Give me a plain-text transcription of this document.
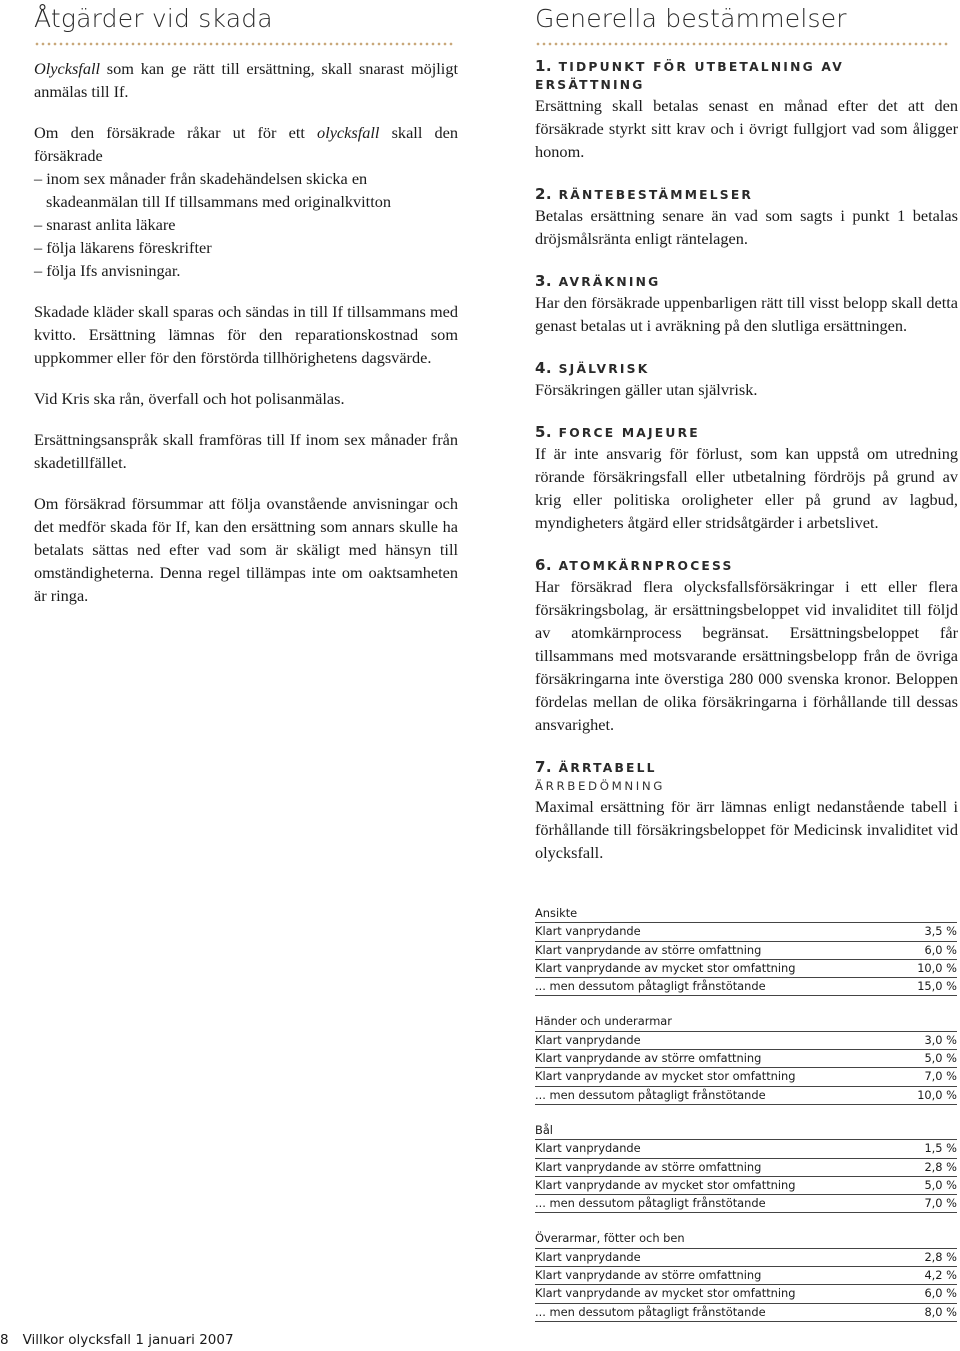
Åtgärder vid skada

Olycksfall som kan ge rätt till ersättning, skall snarast möjligt anmälas till If.

Om den försäkrade råkar ut för ett olycksfall skall den försäkrade

– inom sex månader från skadehändelsen skicka en skadeanmälan till If tillsammans med originalkvitton
– snarast anlita läkare
– följa läkarens föreskrifter
– följa Ifs anvisningar.

Skadade kläder skall sparas och sändas in till If tillsammans med kvitto. Ersättning lämnas för den reparationskostnad som uppkommer eller för den förstörda tillhörighetens dagsvärde.

Vid Kris ska rån, överfall och hot polisanmälas.

Ersättningsanspråk skall framföras till If inom sex månader från skadetillfället.

Om försäkrad försummar att följa ovanstående anvisningar och det medför skada för If, kan den ersättning som annars skulle ha betalats sättas ned efter vad som är skäligt med hänsyn till omständigheterna. Denna regel tillämpas inte om oaktsamheten är ringa.

Generella bestämmelser
1. TIDPUNKT FÖR UTBETALNING AV ERSÄTTNING

Ersättning skall betalas senast en månad efter det att den försäkrade styrkt sitt krav och i övrigt fullgjort vad som åligger honom.

2. RÄNTEBESTÄMMELSER

Betalas ersättning senare än vad som sagts i punkt 1 betalas dröjsmålsränta enligt räntelagen.

3. AVRÄKNING

Har den försäkrade uppenbarligen rätt till visst belopp skall detta genast betalas ut i avräkning på den slutliga ersättningen.

4. SJÄLVRISK

Försäkringen gäller utan självrisk.

5. FORCE MAJEURE

If är inte ansvarig för förlust, som kan uppstå om utredning rörande försäkringsfall eller utbetalning fördröjs på grund av krig eller politiska oroligheter eller på grund av lagbud, myndigheters åtgärd eller stridsåtgärder i arbetslivet.

6. ATOMKÄRNPROCESS

Har försäkrad flera olycksfallsförsäkringar i ett eller flera försäkringsbolag, är ersättningsbeloppet vid invaliditet till följd av atomkärnprocess begränsat. Ersättningsbeloppet får tillsammans med motsvarande ersättningsbelopp från de övriga försäkringarna inte överstiga 280 000 svenska kronor. Beloppen fördelas mellan de olika försäkringarna i förhållande till dessas ansvarighet.

7. ÄRRTABELL
ÄRRBEDÖMNING

Maximal ersättning för ärr lämnas enligt nedanstående tabell i förhållande till försäkringsbeloppet för Medicinsk invaliditet vid olycksfall.

Ansikte
Klart vanprydande	3,5 %
Klart vanprydande av större omfattning	6,0 %
Klart vanprydande av mycket stor omfattning	10,0 %
... men dessutom påtagligt frånstötande	15,0 %
Händer och underarmar
Klart vanprydande	3,0 %
Klart vanprydande av större omfattning	5,0 %
Klart vanprydande av mycket stor omfattning	7,0 %
... men dessutom påtagligt frånstötande	10,0 %
Bål
Klart vanprydande	1,5 %
Klart vanprydande av större omfattning	2,8 %
Klart vanprydande av mycket stor omfattning	5,0 %
... men dessutom påtagligt frånstötande	7,0 %
Överarmar, fötter och ben
Klart vanprydande	2,8 %
Klart vanprydande av större omfattning	4,2 %
Klart vanprydande av mycket stor omfattning	6,0 %
... men dessutom påtagligt frånstötande	8,0 %
8 Villkor olycksfall 1 januari 2007
